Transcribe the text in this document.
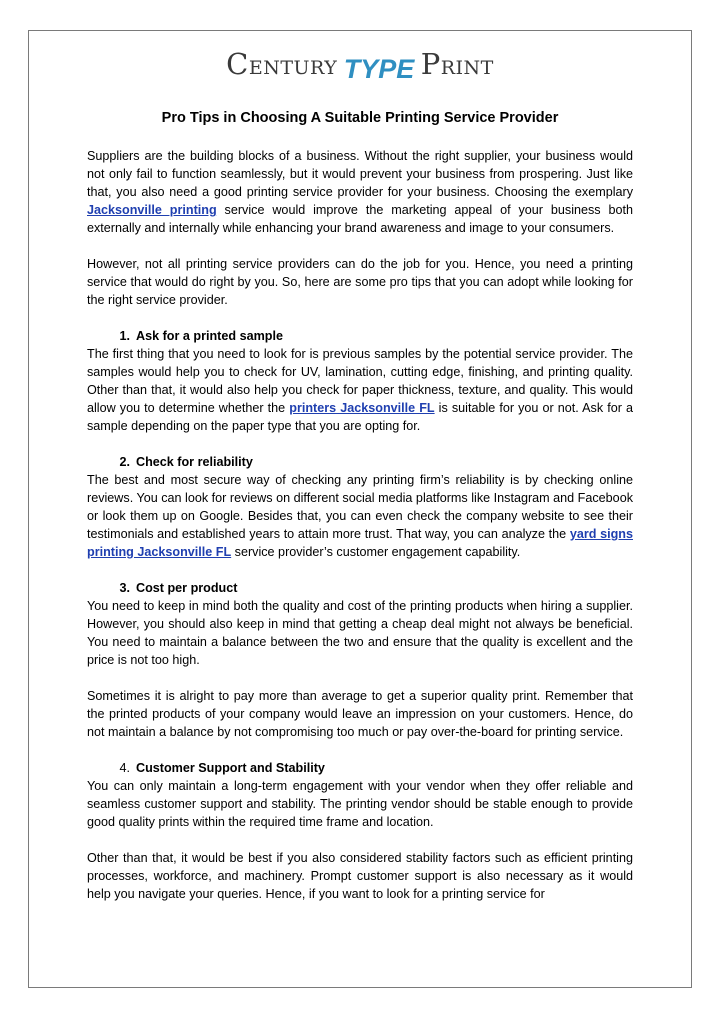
CENTURY TYPE PRINT
Pro Tips in Choosing A Suitable Printing Service Provider

Suppliers are the building blocks of a business. Without the right supplier, your business would not only fail to function seamlessly, but it would prevent your business from prospering. Just like that, you also need a good printing service provider for your business. Choosing the exemplary Jacksonville printing service would improve the marketing appeal of your business both externally and internally while enhancing your brand awareness and image to your consumers.

However, not all printing service providers can do the job for you. Hence, you need a printing service that would do right by you. So, here are some pro tips that you can adopt while looking for the right service provider.

1. Ask for a printed sample

The first thing that you need to look for is previous samples by the potential service provider. The samples would help you to check for UV, lamination, cutting edge, finishing, and printing quality. Other than that, it would also help you check for paper thickness, texture, and quality. This would allow you to determine whether the printers Jacksonville FL is suitable for you or not. Ask for a sample depending on the paper type that you are opting for.

2. Check for reliability

The best and most secure way of checking any printing firm’s reliability is by checking online reviews. You can look for reviews on different social media platforms like Instagram and Facebook or look them up on Google. Besides that, you can even check the company website to see their testimonials and established years to attain more trust. That way, you can analyze the yard signs printing Jacksonville FL service provider’s customer engagement capability.

3. Cost per product

You need to keep in mind both the quality and cost of the printing products when hiring a supplier. However, you should also keep in mind that getting a cheap deal might not always be beneficial. You need to maintain a balance between the two and ensure that the quality is excellent and the price is not too high.

Sometimes it is alright to pay more than average to get a superior quality print. Remember that the printed products of your company would leave an impression on your customers. Hence, do not maintain a balance by not compromising too much or pay over-the-board for printing service.

4. Customer Support and Stability

You can only maintain a long-term engagement with your vendor when they offer reliable and seamless customer support and stability. The printing vendor should be stable enough to provide good quality prints within the required time frame and location.

Other than that, it would be best if you also considered stability factors such as efficient printing processes, workforce, and machinery. Prompt customer support is also necessary as it would help you navigate your queries. Hence, if you want to look for a printing service for
